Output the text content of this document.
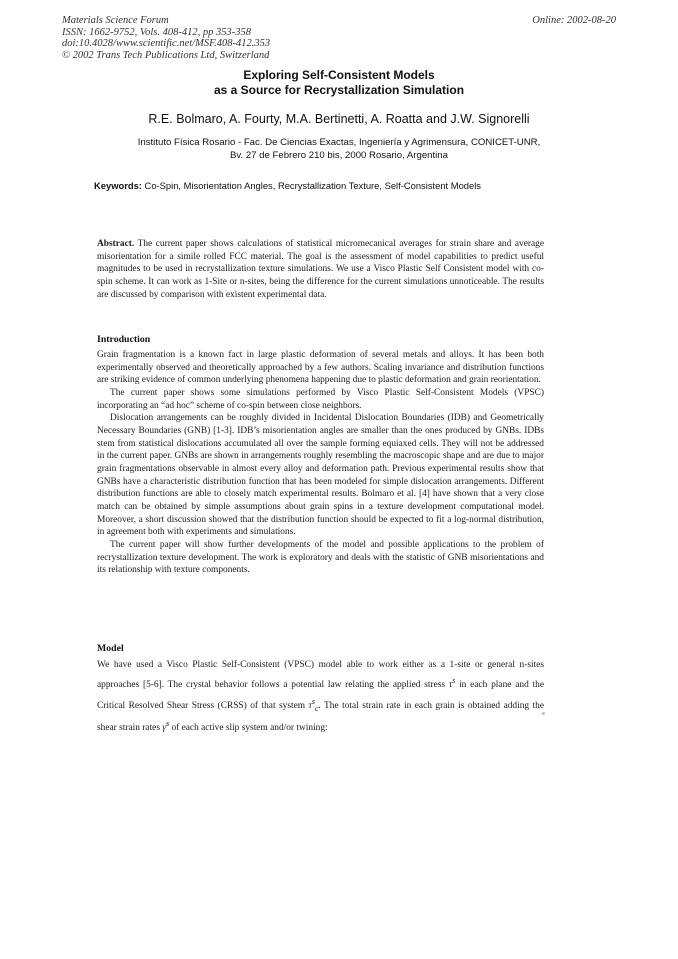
Materials Science Forum
ISSN: 1662-9752, Vols. 408-412, pp 353-358
doi:10.4028/www.scientific.net/MSF.408-412.353
© 2002 Trans Tech Publications Ltd, Switzerland
Online: 2002-08-20
Exploring Self-Consistent Models
as a Source for Recrystallization Simulation
R.E. Bolmaro, A. Fourty, M.A. Bertinetti, A. Roatta and J.W. Signorelli
Instituto Física Rosario - Fac. De Ciencias Exactas, Ingeniería y Agrimensura, CONICET-UNR,
Bv. 27 de Febrero 210 bis, 2000 Rosario, Argentina
Keywords: Co-Spin, Misorientation Angles, Recrystallization Texture, Self-Consistent Models

Abstract. The current paper shows calculations of statistical micromecanical averages for strain share and average misorientation for a simile rolled FCC material. The goal is the assessment of model capabilities to predict useful magnitudes to be used in recrystallization texture simulations. We use a Visco Plastic Self Consistent model with co-spin scheme. It can work as 1-Site or n-sites, being the difference for the current simulations unnoticeable. The results are discussed by comparison with existent experimental data.

Introduction

Grain fragmentation is a known fact in large plastic deformation of several metals and alloys. It has been both experimentally observed and theoretically approached by a few authors. Scaling invariance and distribution functions are striking evidence of common underlying phenomena happening due to plastic deformation and grain reorientation.

The current paper shows some simulations performed by Visco Plastic Self-Consistent Models (VPSC) incorporating an “ad hoc” scheme of co-spin between close neighbors.

Dislocation arrangements can be roughly divided in Incidental Dislocation Boundaries (IDB) and Geometrically Necessary Boundaries (GNB) [1-3]. IDB’s misorientation angles are smaller than the ones produced by GNBs. IDBs stem from statistical dislocations accumulated all over the sample forming equiaxed cells. They will not be addressed in the current paper. GNBs are shown in arrangements roughly resembling the macroscopic shape and are due to major grain fragmentations observable in almost every alloy and deformation path. Previous experimental results show that GNBs have a characteristic distribution function that has been modeled for simple dislocation arrangements. Different distribution functions are able to closely match experimental results. Bolmaro et al. [4] have shown that a very close match can be obtained by simple assumptions about grain spins in a texture development computational model. Moreover, a short discussion showed that the distribution function should be expected to fit a log-normal distribution, in agreement both with experiments and simulations.

The current paper will show further developments of the model and possible applications to the problem of recrystallization texture development. The work is exploratory and deals with the statistic of GNB misorientations and its relationship with texture components.

Model

We have used a Visco Plastic Self-Consistent (VPSC) model able to work either as a 1-site or general n-sites approaches [5-6]. The crystal behavior follows a potential law relating the applied stress $\tau^s$ in each plane and the Critical Resolved Shear Stress (CRSS) of that system $\tau^s_c$. The total strain rate in each grain is obtained adding the shear strain rates γ̇$^s$ of each active slip system and/or twining:
